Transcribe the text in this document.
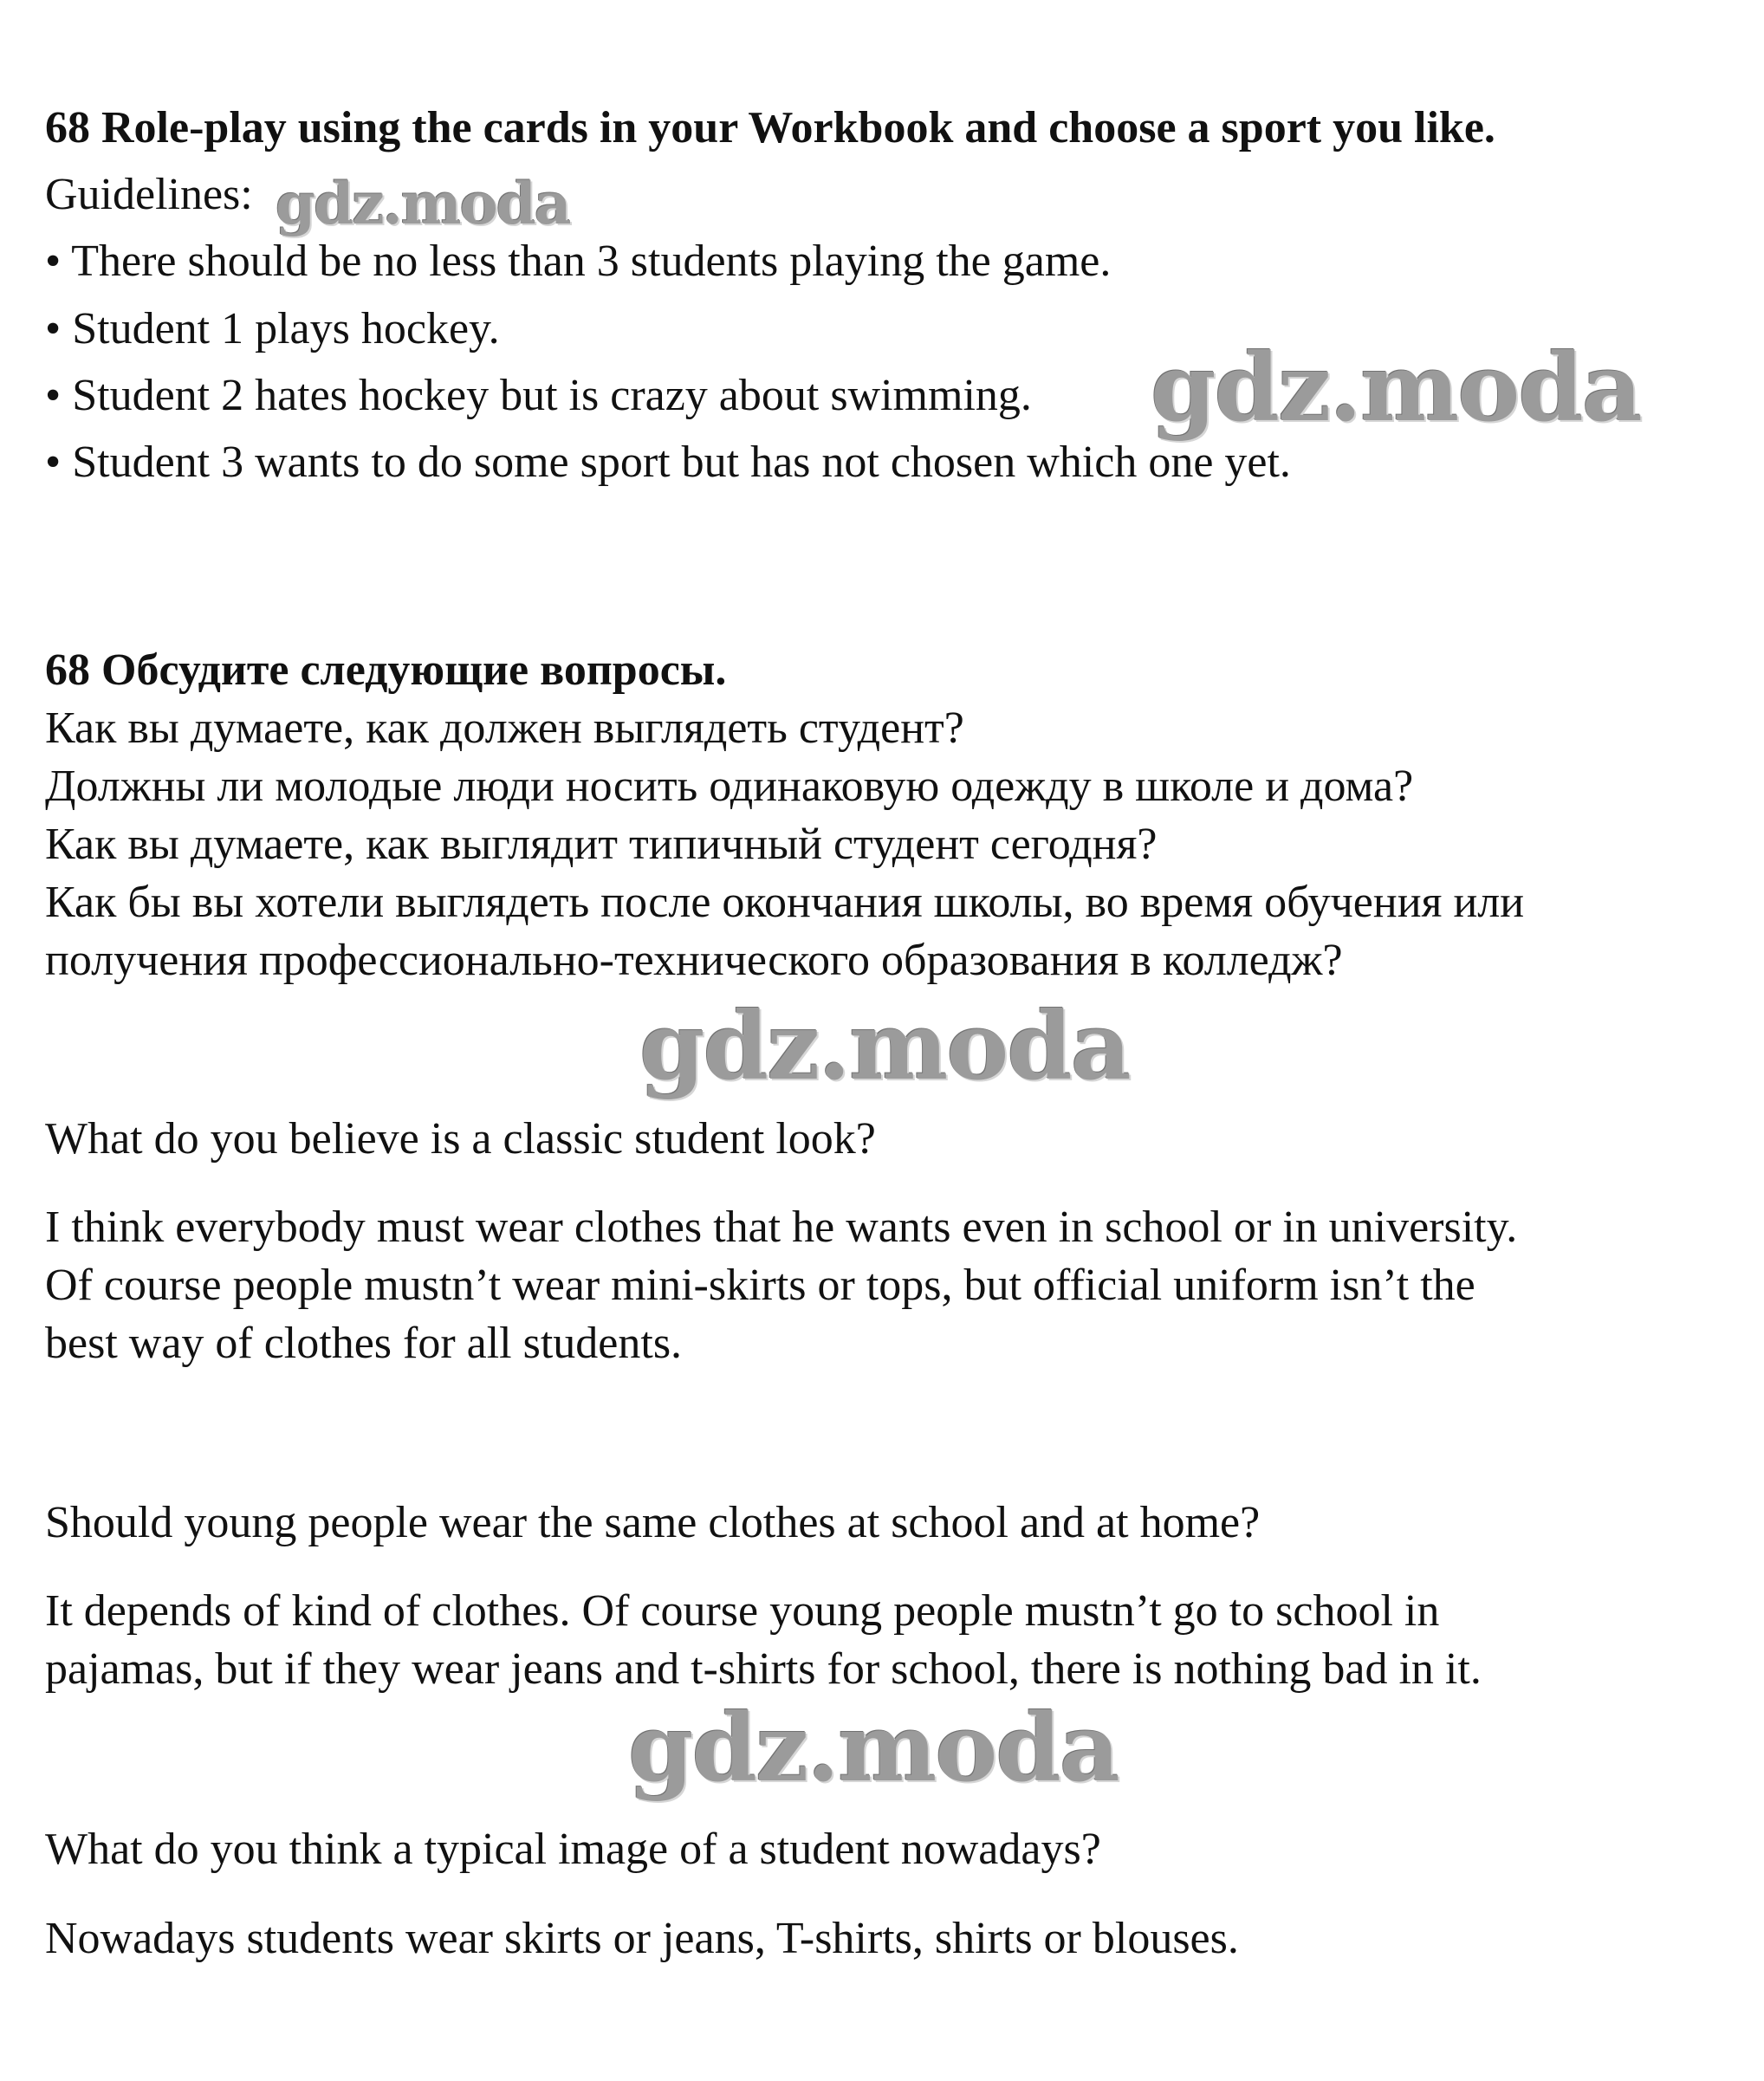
68 Role-play using the cards in your Workbook and choose a sport you like.

Guidelines:

• There should be no less than 3 students playing the game.

• Student 1 plays hockey.

• Student 2 hates hockey but is crazy about swimming.

• Student 3 wants to do some sport but has not chosen which one yet.

68 Обсудите следующие вопросы.

Как вы думаете, как должен выглядеть студент?

Должны ли молодые люди носить одинаковую одежду в школе и дома?

Как вы думаете, как выглядит типичный студент сегодня?

Как бы вы хотели выглядеть после окончания школы, во время обучения или

получения профессионально-технического образования в колледж?

What do you believe is a classic student look?

I think everybody must wear clothes that he wants even in school or in university.

Of course people mustn’t wear mini-skirts or tops, but official uniform isn’t the

best way of clothes for all students.

Should young people wear the same clothes at school and at home?

It depends of kind of clothes. Of course young people mustn’t go to school in

pajamas, but if they wear jeans and t-shirts for school, there is nothing bad in it.

What do you think a typical image of a student nowadays?

Nowadays students wear skirts or jeans, T-shirts, shirts or blouses.

gdz.moda
gdz.moda
gdz.moda
gdz.moda
